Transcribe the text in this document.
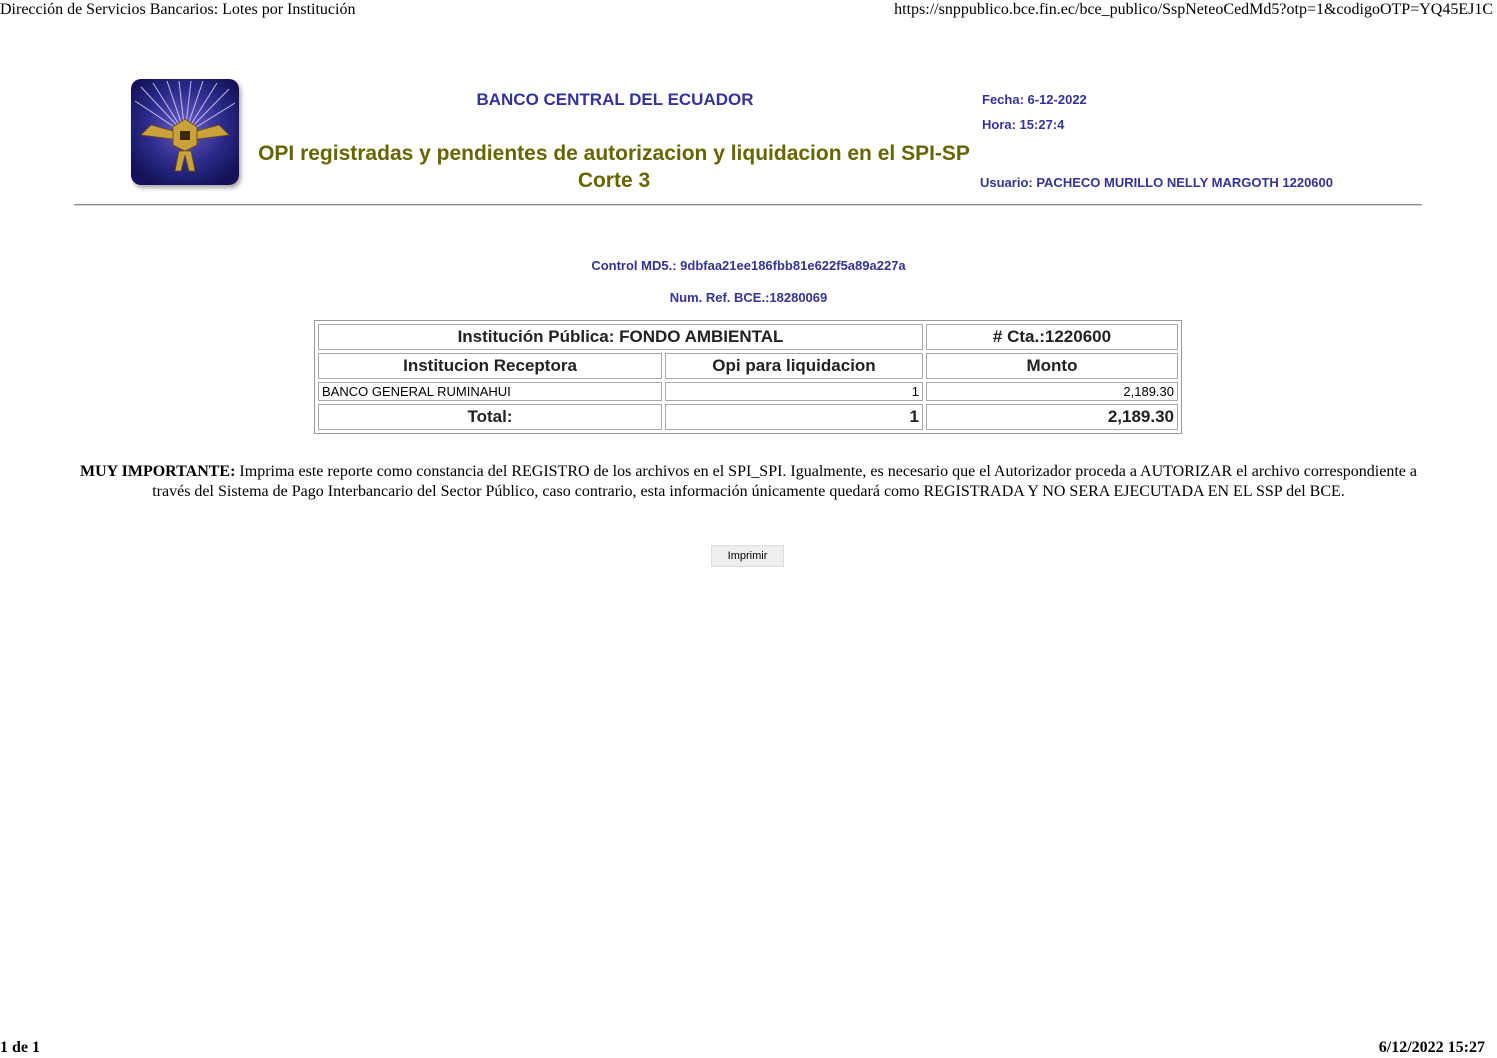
Dirección de Servicios Bancarios: Lotes por Institución	https://snppublico.bce.fin.ec/bce_publico/SspNeteoCedMd5?otp=1&codigoOTP=YQ45EJ1C
BANCO CENTRAL DEL ECUADOR
OPI registradas y pendientes de autorizacion y liquidacion en el SPI-SP
Corte 3
Fecha: 6-12-2022
Hora: 15:27:4
Usuario: PACHECO MURILLO NELLY MARGOTH 1220600
Control MD5.: 9dbfaa21ee186fbb81e622f5a89a227a
Num. Ref. BCE.:18280069
Institución Pública: FONDO AMBIENTAL		# Cta.:1220600
Institucion Receptora	Opi para liquidacion	Monto
BANCO GENERAL RUMINAHUI	1	2,189.30
Total:	1	2,189.30
MUY IMPORTANTE: Imprima este reporte como constancia del REGISTRO de los archivos en el SPI_SPI. Igualmente, es necesario que el Autorizador proceda a AUTORIZAR el archivo correspondiente a través del Sistema de Pago Interbancario del Sector Público, caso contrario, esta información únicamente quedará como REGISTRADA Y NO SERA EJECUTADA EN EL SSP del BCE.
Imprimir
1 de 1	6/12/2022 15:27
